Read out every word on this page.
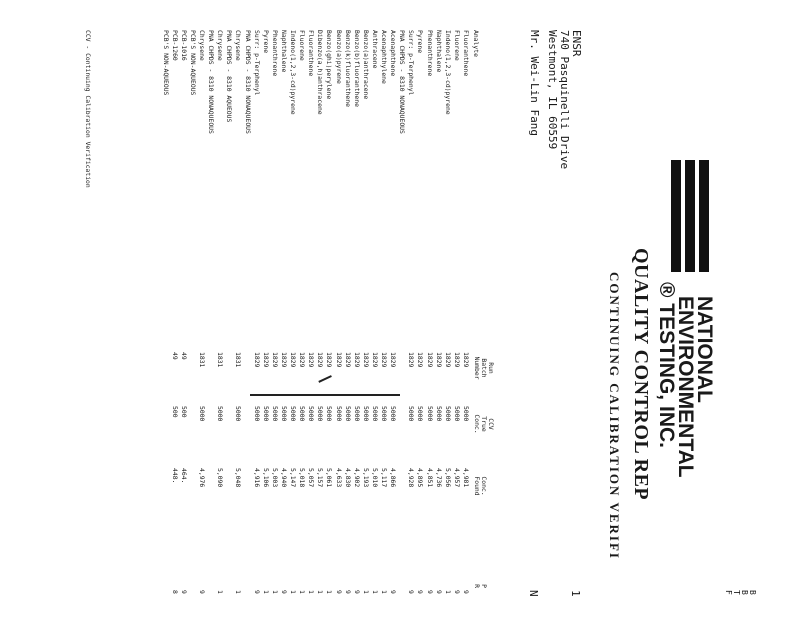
NATIONAL
ENVIRONMENTAL
® TESTING, INC.
QUALITY CONTROL REP
CONTINUING CALIBRATION VERIFI
B
B
T
F
ENSR
740 Pasquinelli Drive
Westmont, IL 60559
Mr. Wei-Lin Fang
1
N
Analyte
Run
Batch
Number
CCV
True
Conc.
Conc.
Found
P
R
Fluoranthene
1829
5000
4,981
9
Fluorene
1829
5000
4,957
9
Indeno(1,2,3-cd)pyrene
1829
5000
5,056
1
Naphthalene
1829
5000
4,736
9
Phenanthrene
1829
5000
4,851
9
Pyrene
1829
5000
4,895
9
Surr: p-Terphenyl
1829
5000
4,928
9
PNA CHPDS - 8310 NONAQUEOUS
Acenaphthene
1829
5000
4,866
9
Acenaphthylene
1829
5000
5,117
1
Anthracene
1829
5000
5,010
1
Benzo(a)anthracene
1829
5000
5,193
1
Benzo(b)fluoranthene
1829
5000
4,902
9
Benzo(k)fluoranthene
1829
5000
4,830
9
Benzo(a)pyrene
1829
5000
4,633
9
Benzo(ghi)perylene
1829
5000
5,061
1
Dibenzo(a,h)anthracene
1829
5000
5,157
1
Fluoranthene
1829
5000
5,057
1
Fluorene
1829
5000
5,018
1
Indeno(1,2,3-cd)pyrene
1829
5000
5,147
1
Naphthalene
1829
5000
4,940
9
Phenanthrene
1829
5000
5,003
1
Pyrene
1829
5000
5,106
1
Surr: p-Terphenyl
1829
5000
4,916
9
PNA CHPDS - 8310 NONAQUEOUS
Chrysene
1831
5000
5,048
1
PNA CHPDS - 8310 AQUEOUS
Chrysene
1831
5000
5,090
1
PNA CHPDS - 8310 NONAQUEOUS
Chrysene
1831
5000
4,976
9
PCB'S NON-AQUEOUS
PCB-1016
49
500
464.
9
PCB-1260
49
500
448.
8
PCB'S NON-AQUEOUS
CCV - Continuing Calibration Verification
